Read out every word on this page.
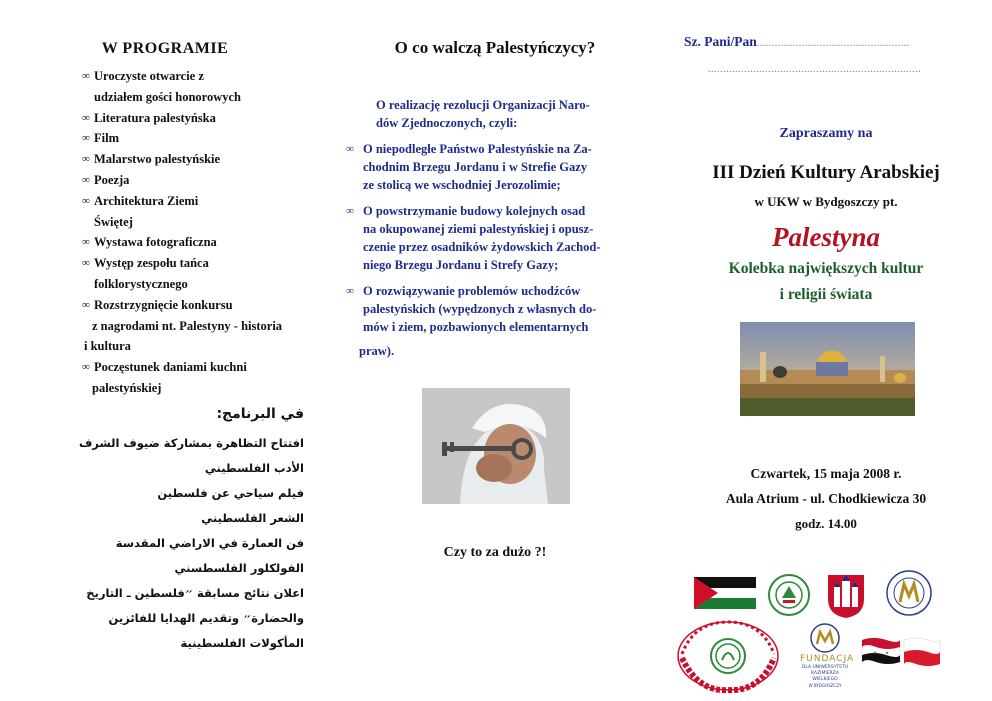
W PROGRAMIE
∞ Uroczyste otwarcie z
udziałem gości honorowych
∞ Literatura palestyńska
∞ Film
∞ Malarstwo palestyńskie
∞ Poezja
∞ Architektura Ziemi
Świętej
∞ Wystawa fotograficzna
∞ Występ zespołu tańca
folklorystycznego
∞ Rozstrzygnięcie konkursu
z nagrodami nt. Palestyny - historia
i kultura
∞ Poczęstunek daniami kuchni
palestyńskiej
في البرنامج:
افتتاح التظاهرة بمشاركة ضيوف الشرف
الأدب الفلسطيني
فيلم سياحي عن فلسطين
الشعر الفلسطيني
فن العمارة في الاراضي المقدسة
الفولكلور الفلسطسني
اعلان نتائج مسابقة ״فلسطين ـ التاريخ
والحضارة״ وتقديم الهدايا للفائزين
المأكولات الفلسطينية
O co walczą Palestyńczycy?

O realizację rezolucji Organizacji Naro-
dów Zjednoczonych, czyli:

∞ O niepodległe Państwo Palestyńskie na Za-
chodnim Brzegu Jordanu i w Strefie Gazy
ze stolicą we wschodniej Jerozolimie;

∞ O powstrzymanie budowy kolejnych osad
na okupowanej ziemi palestyńskiej i opusz-
czenie przez osadników żydowskich Zachod-
niego Brzegu Jordanu i Strefy Gazy;

∞ O rozwiązywanie problemów uchodźców
palestyńskich (wypędzonych z własnych do-
mów i ziem, pozbawionych elementarnych
praw).

Czy to za dużo ?!
Sz. Pani/Pan...................................................
.......................................................................
Zapraszamy na
III Dzień Kultury Arabskiej
w UKW w Bydgoszczy pt.
Palestyna
Kolebka największych kultur
i religii świata
Czwartek, 15 maja 2008 r.
Aula Atrium - ul. Chodkiewicza 30
godz. 14.00
FUNDACJA
DLA UNIWERSYTETU
KAZIMIERZA WIELKIEGO
W BYDGOSZCZY
